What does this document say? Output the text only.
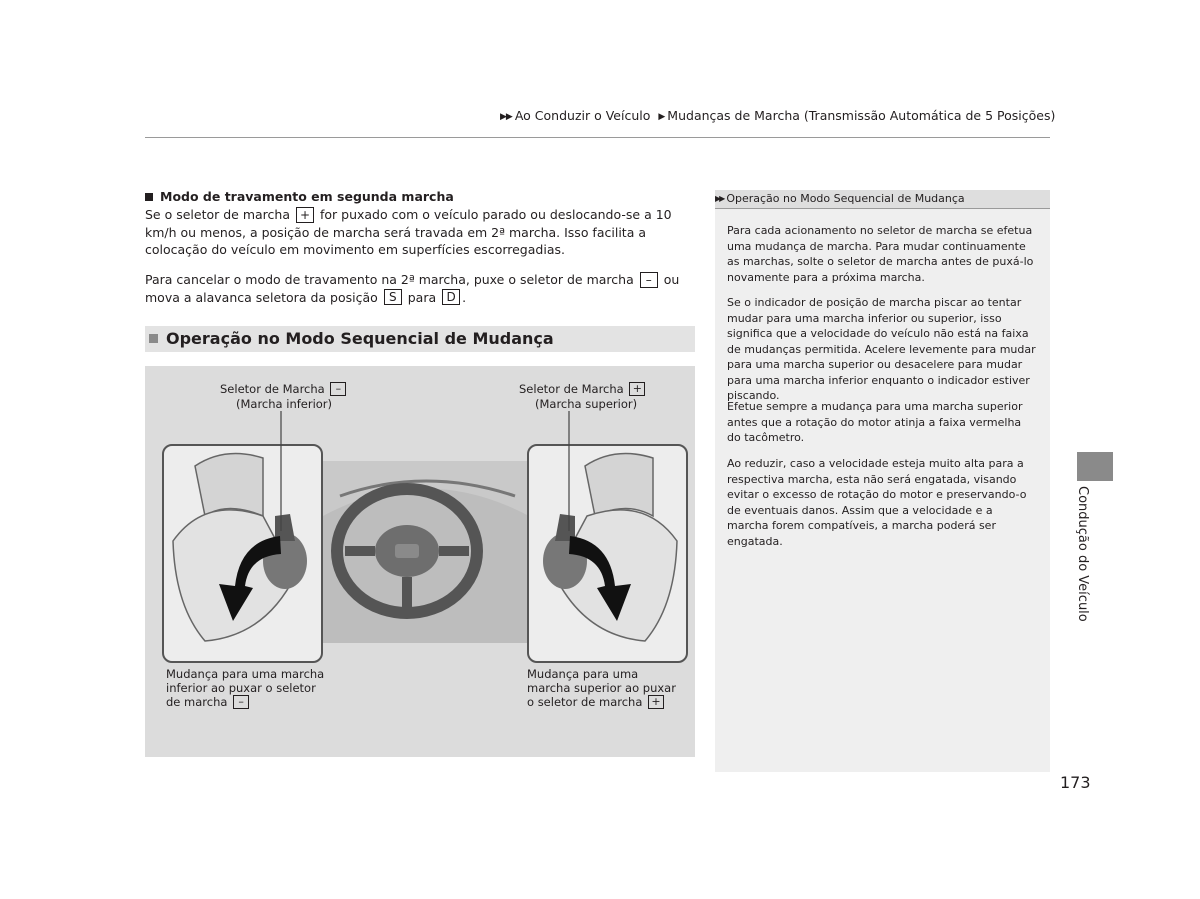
▶▶ Ao Conduzir o Veículo ▶ Mudanças de Marcha (Transmissão Automática de 5 Posições)
Modo de travamento em segunda marcha
Se o seletor de marcha + for puxado com o veículo parado ou deslocando-se a 10 km/h ou menos, a posição de marcha será travada em 2ª marcha. Isso facilita a colocação do veículo em movimento em superfícies escorregadias.
Para cancelar o modo de travamento na 2ª marcha, puxe o seletor de marcha – ou mova a alavanca seletora da posição S para D .
Operação no Modo Sequencial de Mudança
Seletor de Marcha –
(Marcha inferior)
Seletor de Marcha +
(Marcha superior)
Mudança para uma marcha
inferior ao puxar o seletor
de marcha –
Mudança para uma
marcha superior ao puxar
o seletor de marcha +
▶▶ Operação no Modo Sequencial de Mudança
Para cada acionamento no seletor de marcha se efetua uma mudança de marcha. Para mudar continuamente as marchas, solte o seletor de marcha antes de puxá-lo novamente para a próxima marcha.
Se o indicador de posição de marcha piscar ao tentar mudar para uma marcha inferior ou superior, isso significa que a velocidade do veículo não está na faixa de mudanças permitida. Acelere levemente para mudar para uma marcha superior ou desacelere para mudar para uma marcha inferior enquanto o indicador estiver piscando.
Efetue sempre a mudança para uma marcha superior antes que a rotação do motor atinja a faixa vermelha do tacômetro.
Ao reduzir, caso a velocidade esteja muito alta para a respectiva marcha, esta não será engatada, visando evitar o excesso de rotação do motor e preservando-o de eventuais danos. Assim que a velocidade e a marcha forem compatíveis, a marcha poderá ser engatada.	Condução do Veículo
173
